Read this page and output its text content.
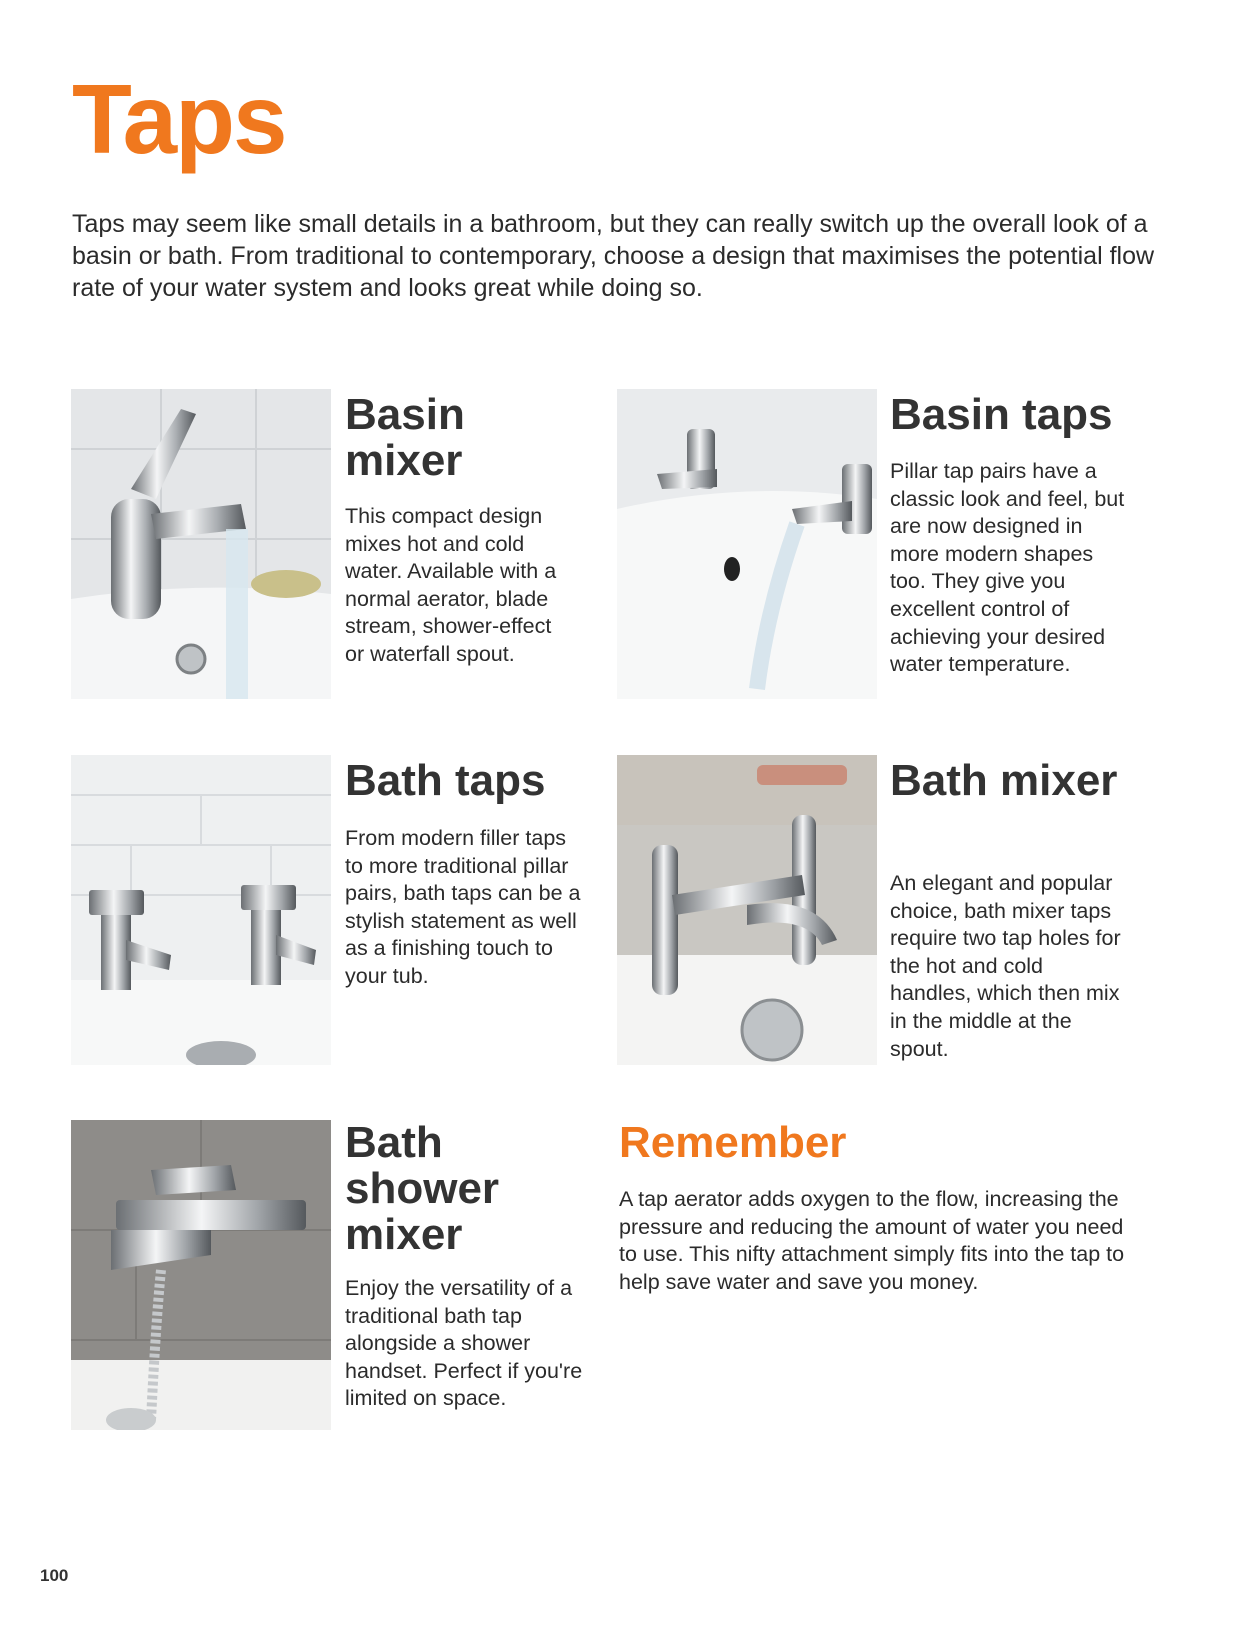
Taps
Taps may seem like small details in a bathroom, but they can really switch up the overall look of a basin or bath. From traditional to contemporary, choose a design that maximises the potential flow rate of your water system and looks great while doing so.
Basin mixer
This compact design mixes hot and cold water. Available with a normal aerator, blade stream, shower-effect or waterfall spout.
Basin taps
Pillar tap pairs have a classic look and feel, but are now designed in more modern shapes too. They give you excellent control of achieving your desired water temperature.
Bath taps
From modern filler taps to more traditional pillar pairs, bath taps can be a stylish statement as well as a finishing touch to your tub.
Bath mixer
An elegant and popular choice, bath mixer taps require two tap holes for the hot and cold handles, which then mix in the middle at the spout.
Bath shower mixer
Enjoy the versatility of a traditional bath tap alongside a shower handset. Perfect if you're limited on space.
Remember
A tap aerator adds oxygen to the flow, increasing the pressure and reducing the amount of water you need to use. This nifty attachment simply fits into the tap to help save water and save you money.
100
